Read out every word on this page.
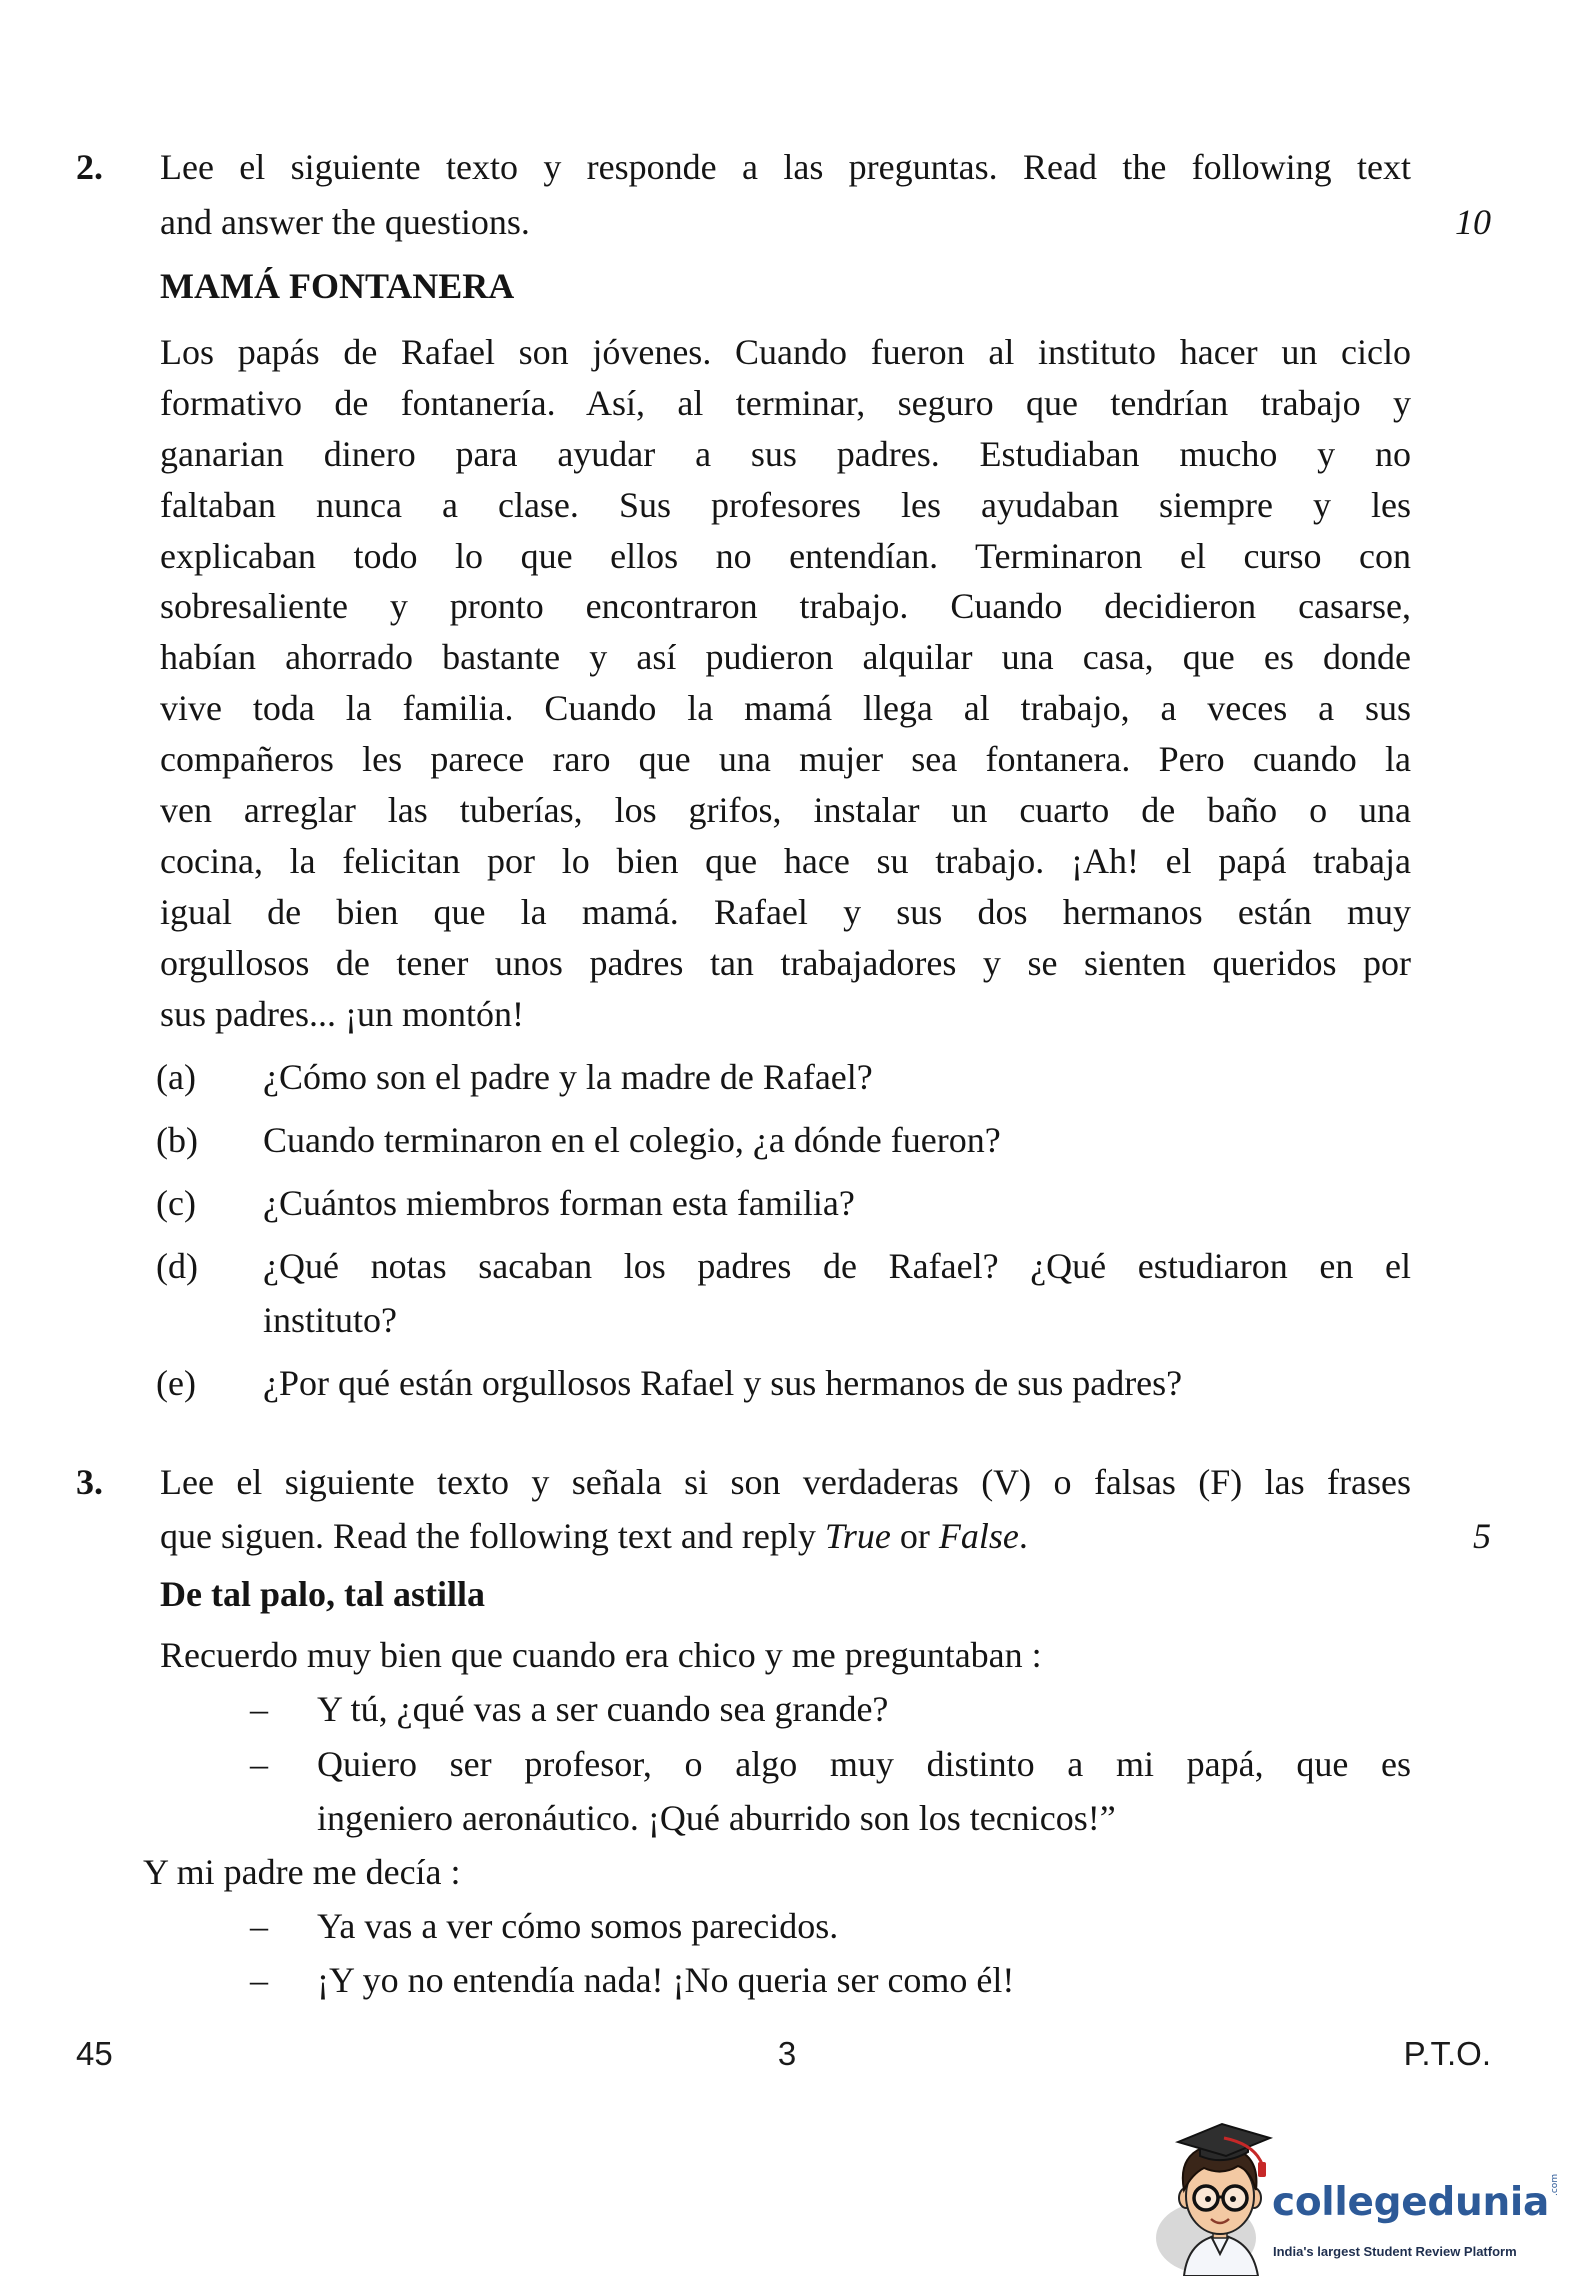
2. Lee el siguiente texto y responde a las preguntas. Read the following text
and answer the questions.	10
MAMÁ FONTANERA
Los papás de Rafael son jóvenes. Cuando fueron al instituto hacer un ciclo
formativo de fontanería. Así, al terminar, seguro que tendrían trabajo y
ganarian dinero para ayudar a sus padres. Estudiaban mucho y no
faltaban nunca a clase. Sus profesores les ayudaban siempre y les
explicaban todo lo que ellos no entendían. Terminaron el curso con
sobresaliente y pronto encontraron trabajo. Cuando decidieron casarse,
habían ahorrado bastante y así pudieron alquilar una casa, que es donde
vive toda la familia. Cuando la mamá llega al trabajo, a veces a sus
compañeros les parece raro que una mujer sea fontanera. Pero cuando la
ven arreglar las tuberías, los grifos, instalar un cuarto de baño o una
cocina, la felicitan por lo bien que hace su trabajo. ¡Ah! el papá trabaja
igual de bien que la mamá. Rafael y sus dos hermanos están muy
orgullosos de tener unos padres tan trabajadores y se sienten queridos por
sus padres... ¡un montón!
(a) ¿Cómo son el padre y la madre de Rafael?
(b) Cuando terminaron en el colegio, ¿a dónde fueron?
(c) ¿Cuántos miembros forman esta familia?
(d) ¿Qué notas sacaban los padres de Rafael? ¿Qué estudiaron en el
instituto?
(e) ¿Por qué están orgullosos Rafael y sus hermanos de sus padres?
3. Lee el siguiente texto y señala si son verdaderas (V) o falsas (F) las frases
que siguen. Read the following text and reply True or False.	5
De tal palo, tal astilla
Recuerdo muy bien que cuando era chico y me preguntaban :
– Y tú, ¿qué vas a ser cuando sea grande?
– Quiero ser profesor, o algo muy distinto a mi papá, que es
ingeniero aeronáutico. ¡Qué aburrido son los tecnicos!”
Y mi padre me decía :
– Ya vas a ver cómo somos parecidos.
– ¡Y yo no entendía nada! ¡No queria ser como él!
45	3	P.T.O.
collegedunia .com
India's largest Student Review Platform
